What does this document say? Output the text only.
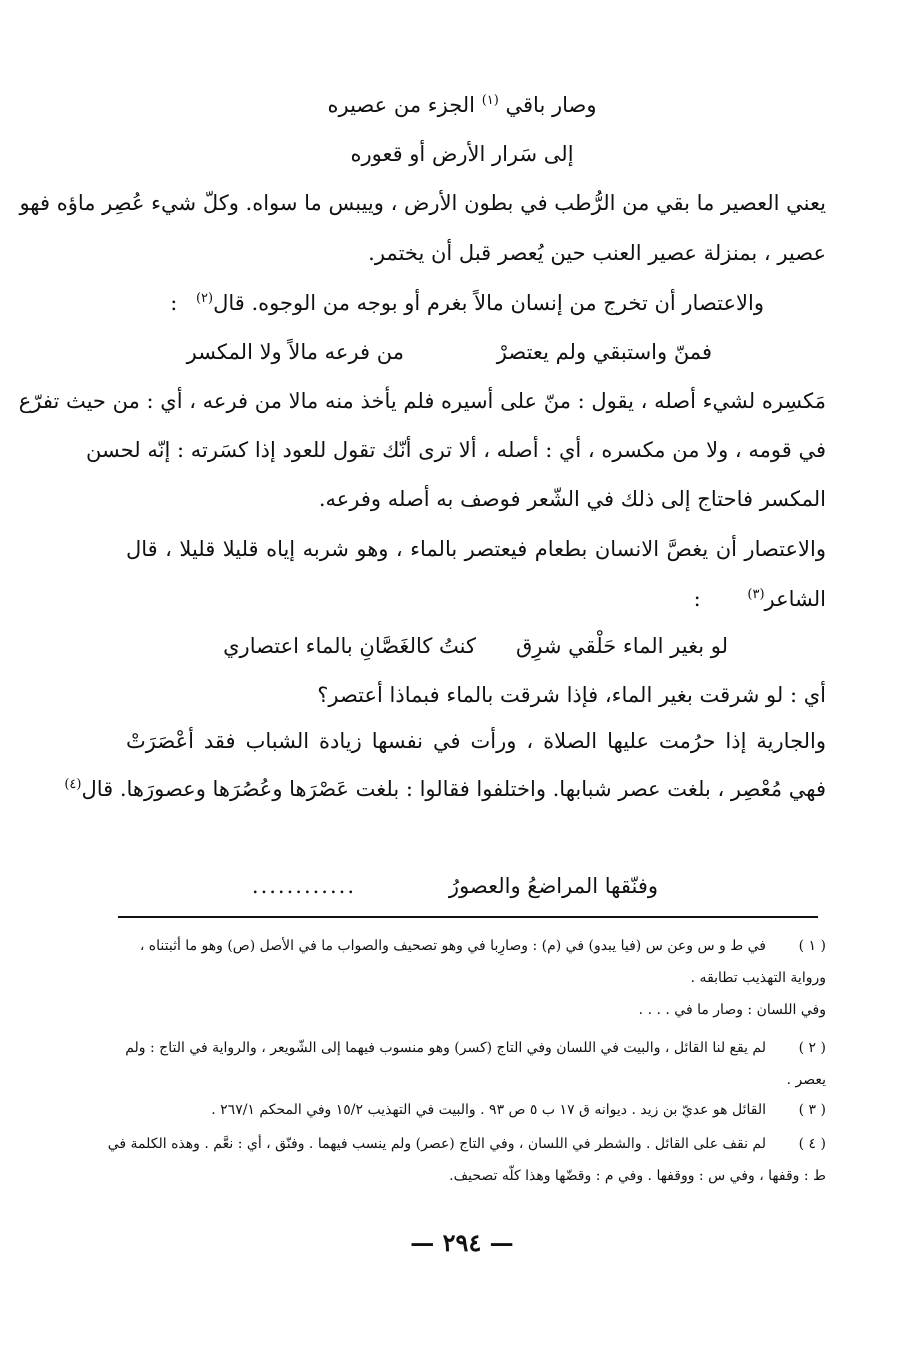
وصار باقي $^{(١)}$ الجزء من عصيره
إلى سَرار الأرض أو قعوره
يعني العصير ما بقي من الرُّطب في بطون الأرض ، وييبس ما سواه. وكلّ شيء عُصِر ماؤه فهو
عصير ، بمنزلة عصير العنب حين يُعصر قبل أن يختمر.
والاعتصار أن تخرج من إنسان مالاً بغرم أو بوجه من الوجوه. قال$^{(٢)}$ :
فمنّ واستبقي ولم يعتصرْ
من فرعه مالاً ولا المكسر
مَكسِره لشيء أصله ، يقول : منّ على أسيره فلم يأخذ منه مالا من فرعه ، أي : من حيث تفرّع
في قومه ، ولا من مكسره ، أي : أصله ، ألا ترى أنّك تقول للعود إذا كسَرته : إنّه لحسن
المكسر فاحتاج إلى ذلك في الشّعر فوصف به أصله وفرعه.
والاعتصار أن يغصَّ الانسان بطعام فيعتصر بالماء ، وهو شربه إياه قليلا قليلا ، قال
الشاعر$^{(٣)}$ :
لو بغير الماء حَلْقي شرِق
كنتُ كالغَصَّانِ بالماء اعتصاري
أي : لو شرقت بغير الماء، فإذا شرقت بالماء فبماذا أعتصر؟
والجارية إذا حرُمت عليها الصلاة ، ورأت في نفسها زيادة الشباب فقد أعْصَرَتْ
فهي مُعْصِر ، بلغت عصر شبابها. واختلفوا فقالوا : بلغت عَصْرَها وعُصُرَها وعصورَها. قال$^{(٤)}$
وفنّقها المراضعُ والعصورُ
............
( ١ )
في ط و س وعن س (فيا يبدو) في (م) : وصارِبا في وهو تصحيف والصواب ما في الأصل (ص) وهو ما أثبتناه ،
ورواية التهذيب تطابقه .
وفي اللسان : وصار ما في . . . .
( ٢ )
لم يقع لنا القائل ، والبيت في اللسان وفي التاج (كسر) وهو منسوب فيهما إلى الشّويعر ، والرواية في التاج : ولم
يعصر .
( ٣ )
القائل هو عديّ بن زيد . ديوانه ق ١٧ ب ٥ ص ٩٣ . والبيت في التهذيب ١٥/٢ وفي المحكم ٢٦٧/١ .
( ٤ )
لم نقف على القائل . والشطر في اللسان ، وفي التاج (عصر) ولم ينسب فيهما . وفنّق ، أي : نعَّم . وهذه الكلمة في
ط : وقفها ، وفي س : ووقفها . وفي م : وقضّها وهذا كلّه تصحيف.
— ٢٩٤ —
